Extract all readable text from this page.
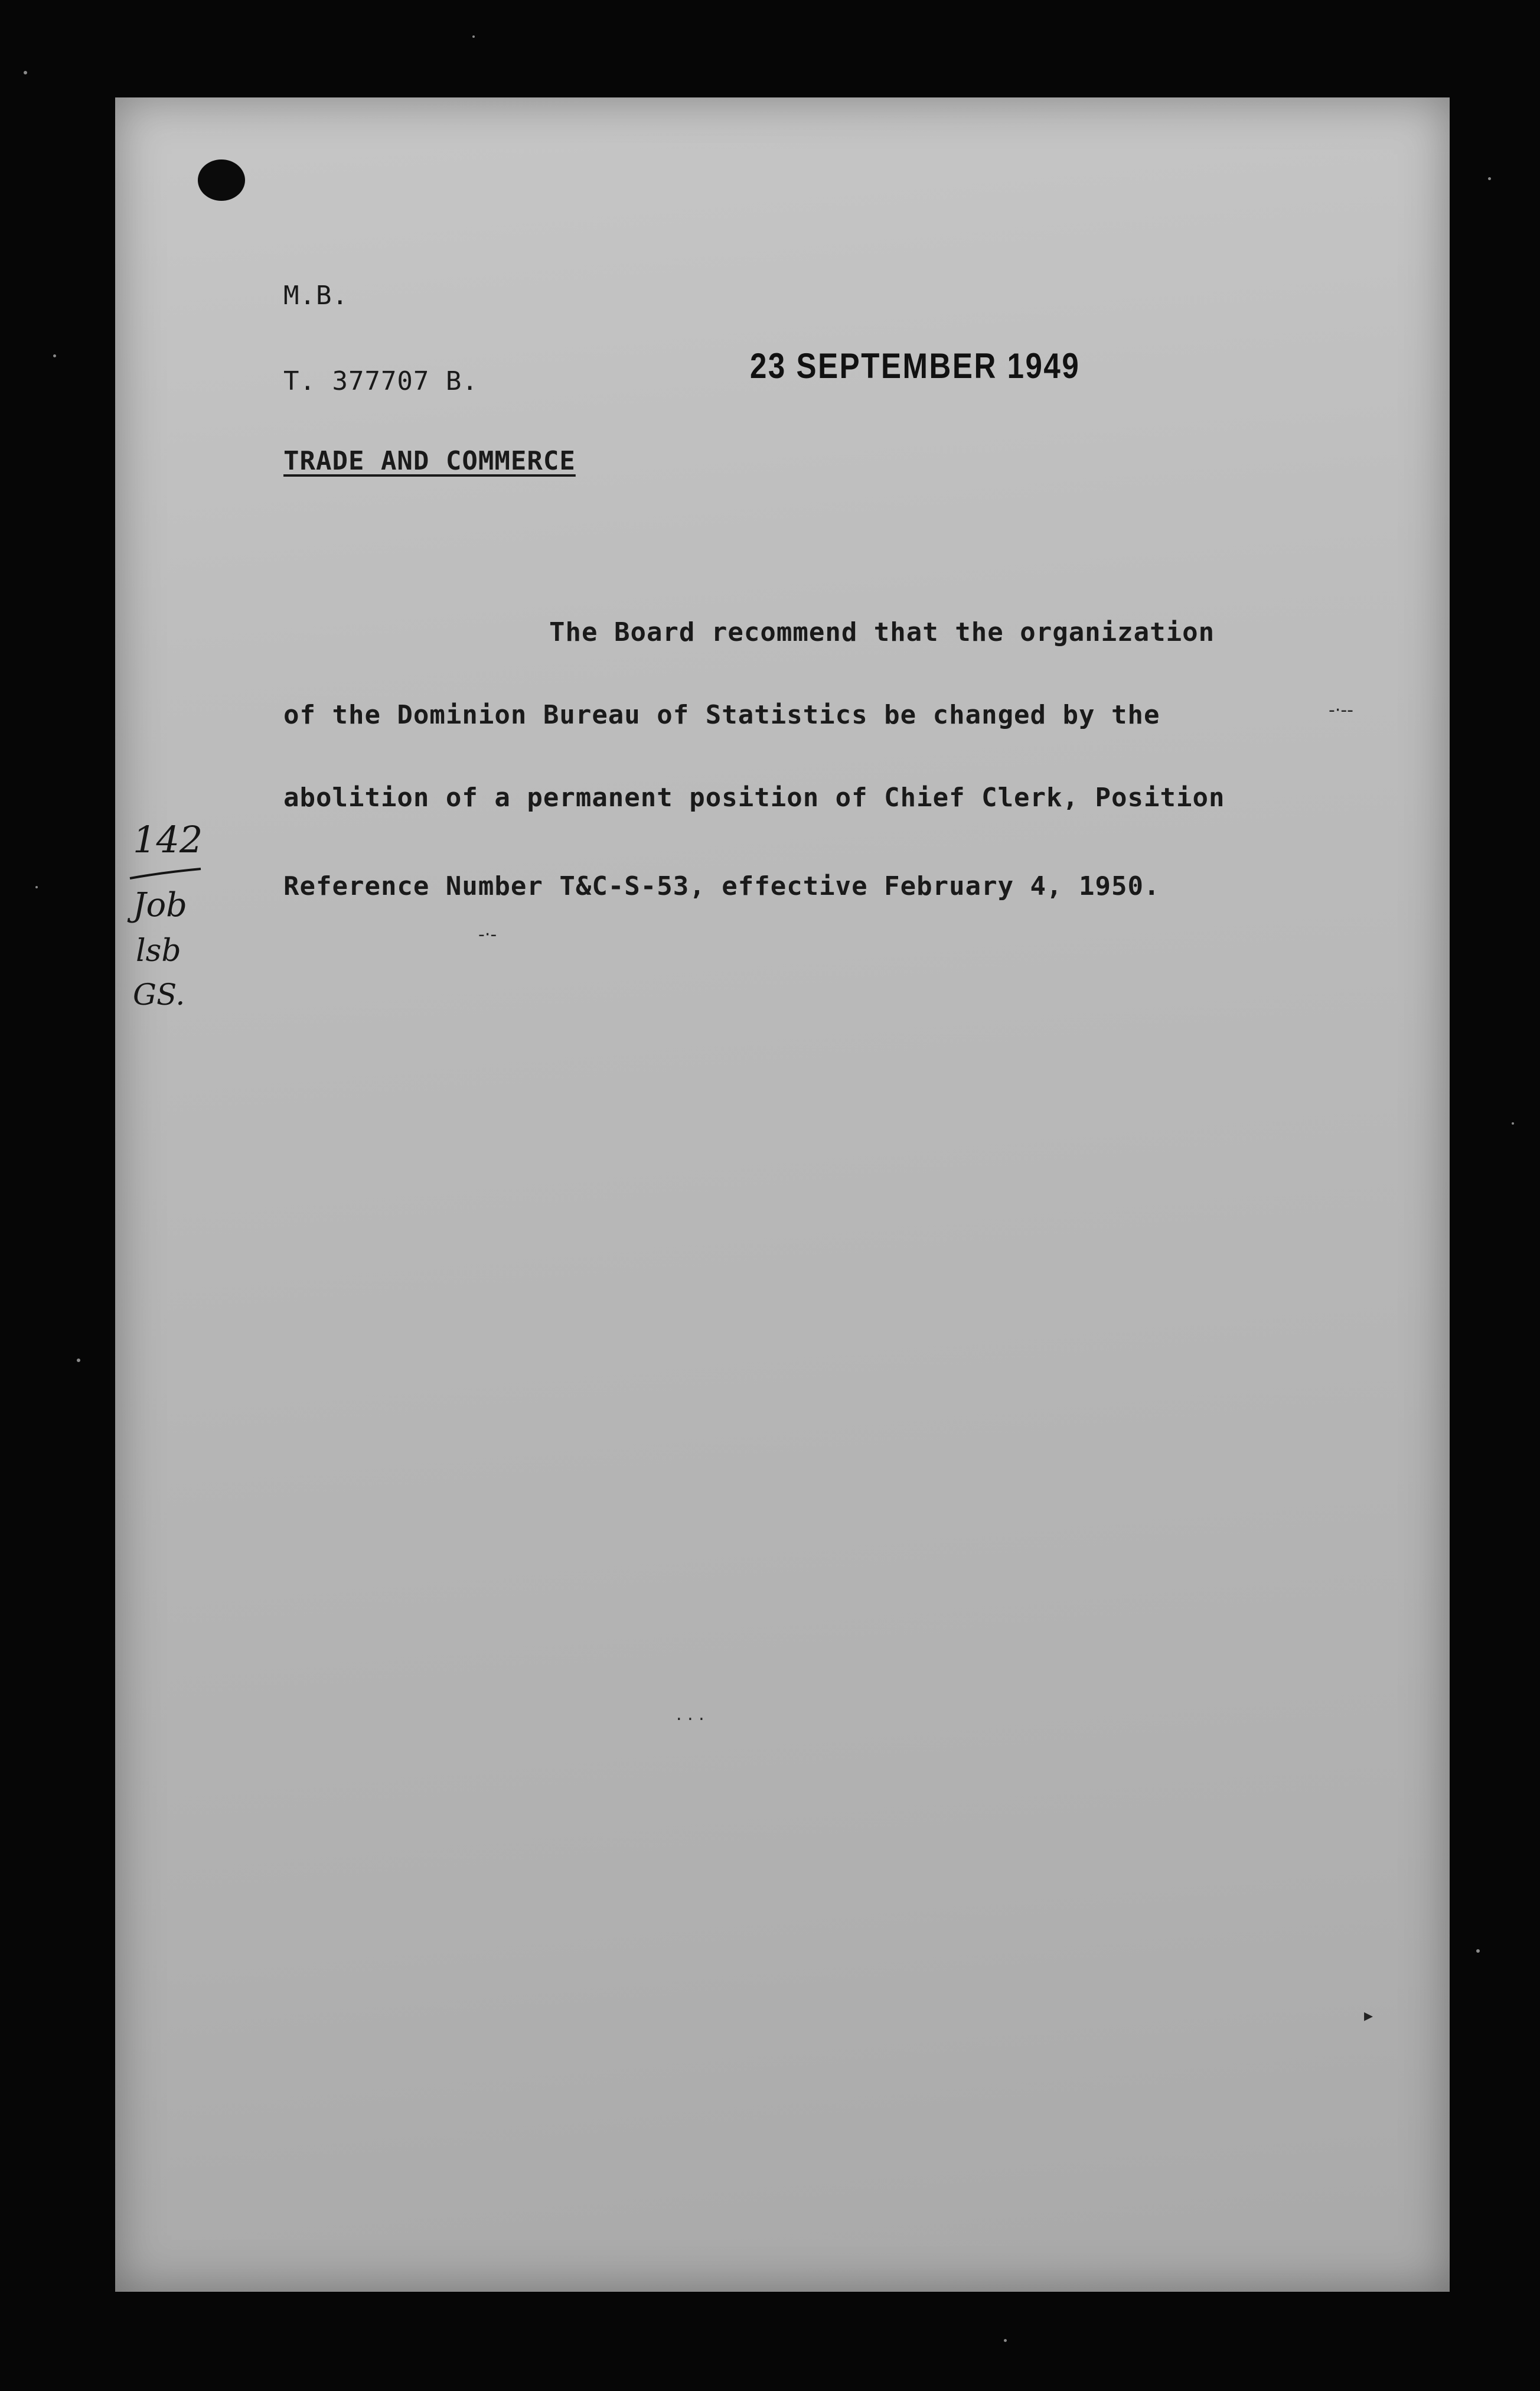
M.B.
T. 377707 B.	23 SEPTEMBER 1949
TRADE AND COMMERCE
The Board recommend that the organization
of the Dominion Bureau of Statistics be changed by the
abolition of a permanent position of Chief Clerk, Position
Reference Number T&C-S-53, effective February 4, 1950.
-·--
-·-
. . .
▸
142
Job
lsb
GS.
